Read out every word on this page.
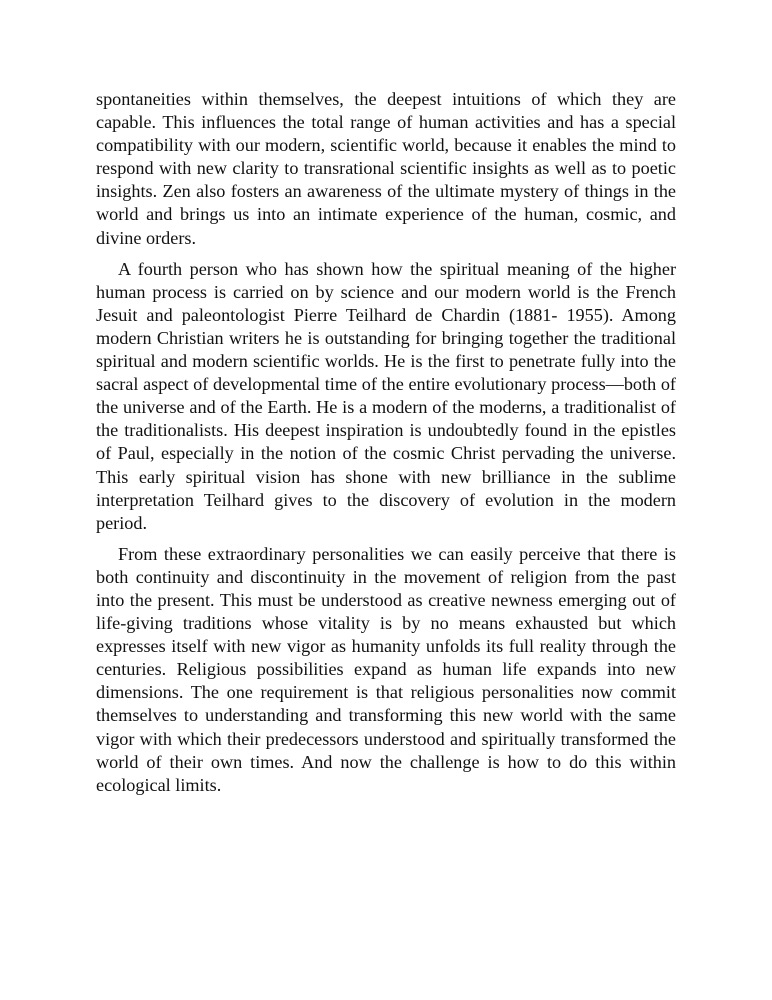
spontaneities within themselves, the deepest intuitions of which they are capable. This influences the total range of human activities and has a special compatibility with our modern, scientific world, because it enables the mind to respond with new clarity to transrational scientific insights as well as to poetic insights. Zen also fosters an awareness of the ultimate mystery of things in the world and brings us into an intimate experience of the human, cosmic, and divine orders.

A fourth person who has shown how the spiritual meaning of the higher human process is carried on by science and our modern world is the French Jesuit and paleontologist Pierre Teilhard de Chardin (1881- 1955). Among modern Christian writers he is outstanding for bringing together the traditional spiritual and modern scientific worlds. He is the first to penetrate fully into the sacral aspect of developmental time of the entire evolutionary process—both of the universe and of the Earth. He is a modern of the moderns, a traditionalist of the traditionalists. His deepest inspiration is undoubtedly found in the epistles of Paul, especially in the notion of the cosmic Christ pervading the universe. This early spiritual vision has shone with new brilliance in the sublime interpretation Teilhard gives to the discovery of evolution in the modern period.

From these extraordinary personalities we can easily perceive that there is both continuity and discontinuity in the movement of religion from the past into the present. This must be understood as creative newness emerging out of life-giving traditions whose vitality is by no means exhausted but which expresses itself with new vigor as humanity unfolds its full reality through the centuries. Religious possibilities expand as human life expands into new dimensions. The one requirement is that religious personalities now commit themselves to understanding and transforming this new world with the same vigor with which their predecessors understood and spiritually transformed the world of their own times. And now the challenge is how to do this within ecological limits.
